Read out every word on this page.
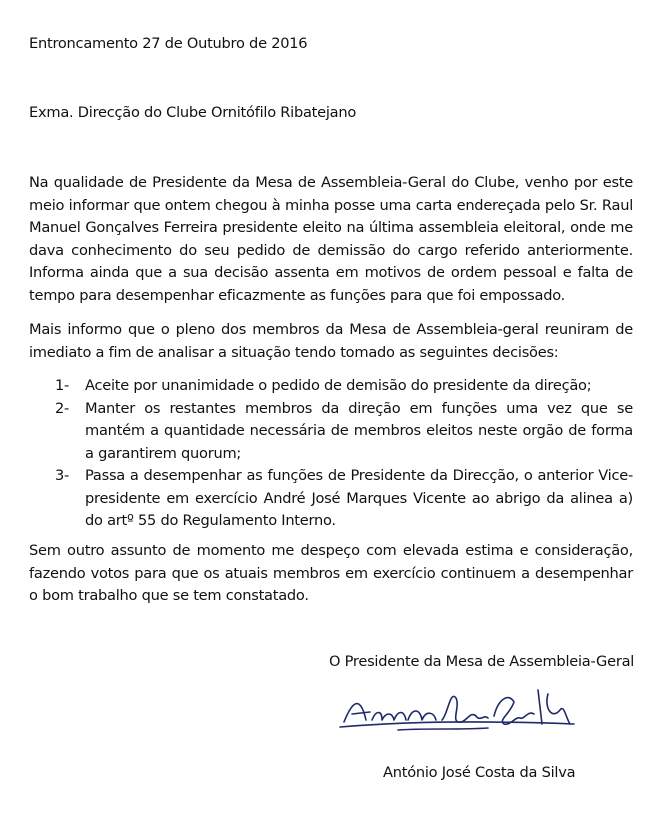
Entroncamento 27 de Outubro de 2016
Exma. Direcção do Clube Ornitófilo Ribatejano

Na qualidade de Presidente da Mesa de Assembleia-Geral do Clube, venho por este meio informar que ontem chegou à minha posse uma carta endereçada pelo Sr. Raul Manuel Gonçalves Ferreira presidente eleito na última assembleia eleitoral, onde me dava conhecimento do seu pedido de demissão do cargo referido anteriormente. Informa ainda que a sua decisão assenta em motivos de ordem pessoal e falta de tempo para desempenhar eficazmente as funções para que foi empossado.

Mais informo que o pleno dos membros da Mesa de Assembleia-geral reuniram de imediato a fim de analisar a situação tendo tomado as seguintes decisões:

1- Aceite por unanimidade o pedido de demisão do presidente da direção;
2- Manter os restantes membros da direção em funções uma vez que se mantém a quantidade necessária de membros eleitos neste orgão de forma a garantirem quorum;
3- Passa a desempenhar as funções de Presidente da Direcção, o anterior Vice-presidente em exercício André José Marques Vicente ao abrigo da alinea a) do artº 55 do Regulamento Interno.

Sem outro assunto de momento me despeço com elevada estima e consideração, fazendo votos para que os atuais membros em exercício continuem a desempenhar o bom trabalho que se tem constatado.

O Presidente da Mesa de Assembleia-Geral
António José Costa da Silva
